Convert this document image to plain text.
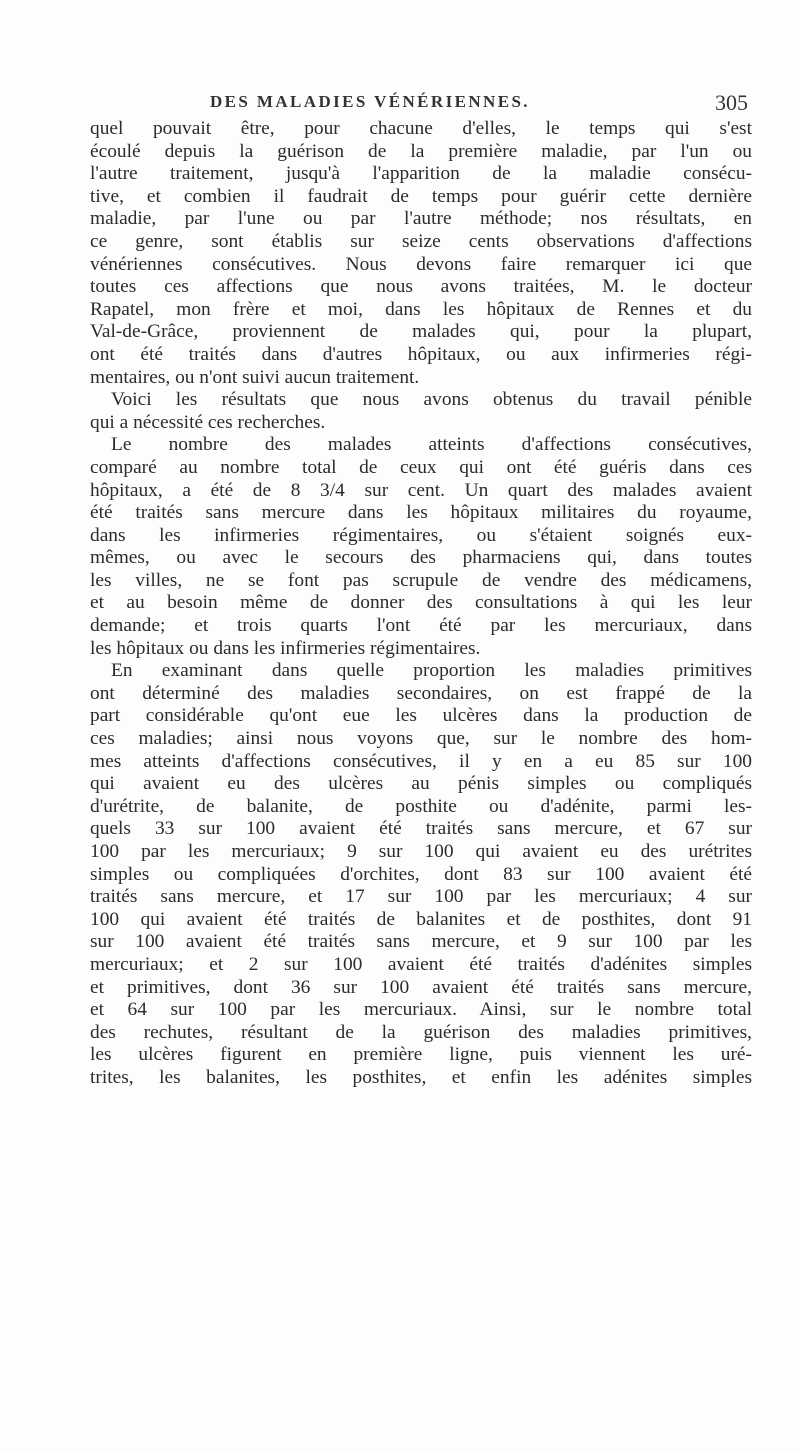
DES MALADIES VÉNÉRIENNES.	305
quel pouvait être, pour chacune d'elles, le temps qui s'est
écoulé depuis la guérison de la première maladie, par l'un ou
l'autre traitement, jusqu'à l'apparition de la maladie consécu-
tive, et combien il faudrait de temps pour guérir cette dernière
maladie, par l'une ou par l'autre méthode; nos résultats, en
ce genre, sont établis sur seize cents observations d'affections
vénériennes consécutives. Nous devons faire remarquer ici que
toutes ces affections que nous avons traitées, M. le docteur
Rapatel, mon frère et moi, dans les hôpitaux de Rennes et du
Val-de-Grâce, proviennent de malades qui, pour la plupart,
ont été traités dans d'autres hôpitaux, ou aux infirmeries régi-
mentaires, ou n'ont suivi aucun traitement.
Voici les résultats que nous avons obtenus du travail pénible
qui a nécessité ces recherches.
Le nombre des malades atteints d'affections consécutives,
comparé au nombre total de ceux qui ont été guéris dans ces
hôpitaux, a été de 8 3/4 sur cent. Un quart des malades avaient
été traités sans mercure dans les hôpitaux militaires du royaume,
dans les infirmeries régimentaires, ou s'étaient soignés eux-
mêmes, ou avec le secours des pharmaciens qui, dans toutes
les villes, ne se font pas scrupule de vendre des médicamens,
et au besoin même de donner des consultations à qui les leur
demande; et trois quarts l'ont été par les mercuriaux, dans
les hôpitaux ou dans les infirmeries régimentaires.
En examinant dans quelle proportion les maladies primitives
ont déterminé des maladies secondaires, on est frappé de la
part considérable qu'ont eue les ulcères dans la production de
ces maladies; ainsi nous voyons que, sur le nombre des hom-
mes atteints d'affections consécutives, il y en a eu 85 sur 100
qui avaient eu des ulcères au pénis simples ou compliqués
d'urétrite, de balanite, de posthite ou d'adénite, parmi les-
quels 33 sur 100 avaient été traités sans mercure, et 67 sur
100 par les mercuriaux; 9 sur 100 qui avaient eu des urétrites
simples ou compliquées d'orchites, dont 83 sur 100 avaient été
traités sans mercure, et 17 sur 100 par les mercuriaux; 4 sur
100 qui avaient été traités de balanites et de posthites, dont 91
sur 100 avaient été traités sans mercure, et 9 sur 100 par les
mercuriaux; et 2 sur 100 avaient été traités d'adénites simples
et primitives, dont 36 sur 100 avaient été traités sans mercure,
et 64 sur 100 par les mercuriaux. Ainsi, sur le nombre total
des rechutes, résultant de la guérison des maladies primitives,
les ulcères figurent en première ligne, puis viennent les uré-
trites, les balanites, les posthites, et enfin les adénites simples
